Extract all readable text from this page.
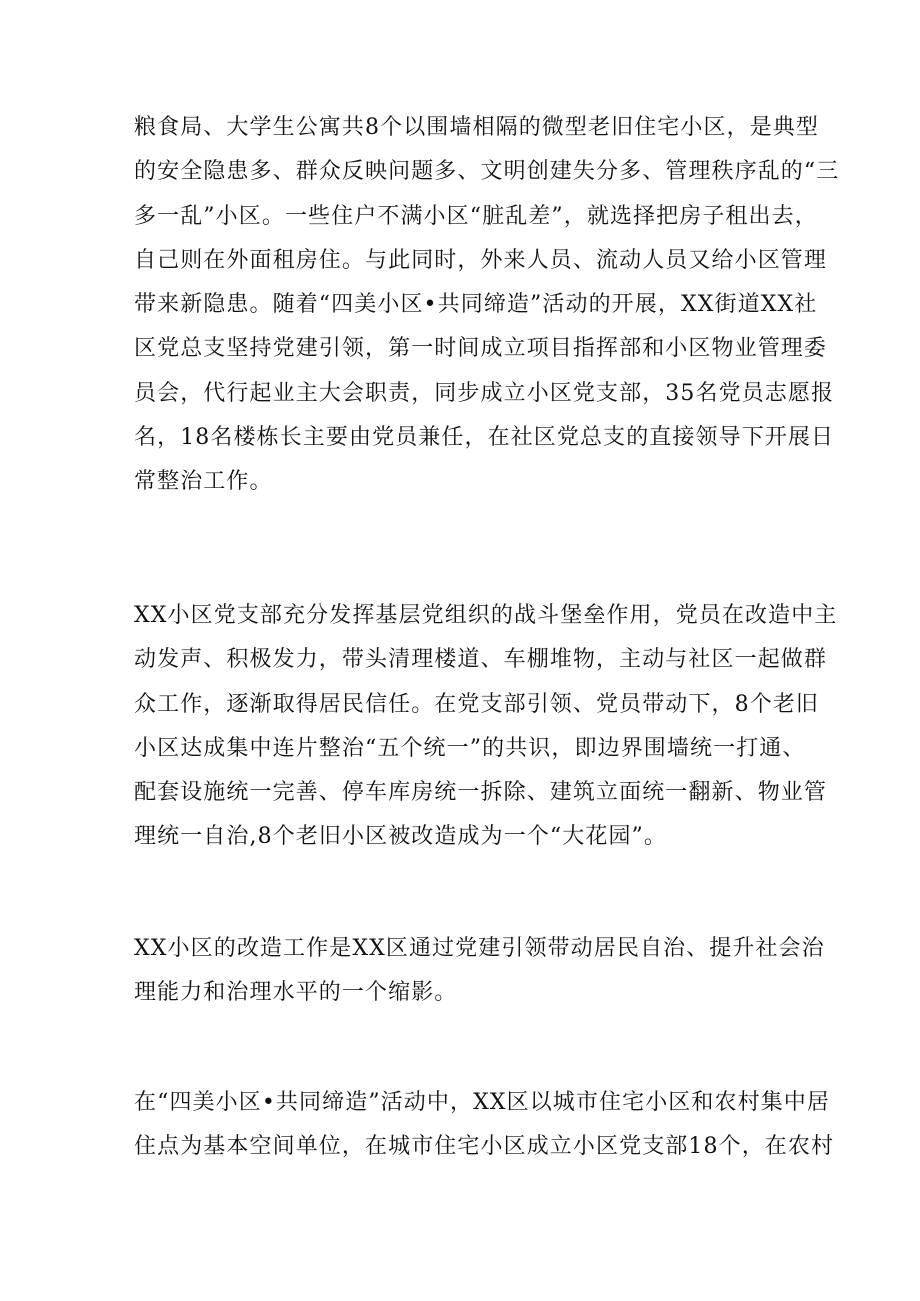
粮食局、大学生公寓共8个以围墙相隔的微型老旧住宅小区，是典型
的安全隐患多、群众反映问题多、文明创建失分多、管理秩序乱的“三
多一乱”小区。一些住户不满小区“脏乱差”，就选择把房子租出去，
自己则在外面租房住。与此同时，外来人员、流动人员又给小区管理
带来新隐患。随着“四美小区•共同缔造”活动的开展，XX街道XX社
区党总支坚持党建引领，第一时间成立项目指挥部和小区物业管理委
员会，代行起业主大会职责，同步成立小区党支部，35名党员志愿报
名，18名楼栋长主要由党员兼任，在社区党总支的直接领导下开展日
常整治工作。
XX小区党支部充分发挥基层党组织的战斗堡垒作用，党员在改造中主
动发声、积极发力，带头清理楼道、车棚堆物，主动与社区一起做群
众工作，逐渐取得居民信任。在党支部引领、党员带动下，8个老旧
小区达成集中连片整治“五个统一”的共识，即边界围墙统一打通、
配套设施统一完善、停车库房统一拆除、建筑立面统一翻新、物业管
理统一自治,8个老旧小区被改造成为一个“大花园”。
XX小区的改造工作是XX区通过党建引领带动居民自治、提升社会治
理能力和治理水平的一个缩影。
在“四美小区•共同缔造”活动中，XX区以城市住宅小区和农村集中居
住点为基本空间单位，在城市住宅小区成立小区党支部18个，在农村
